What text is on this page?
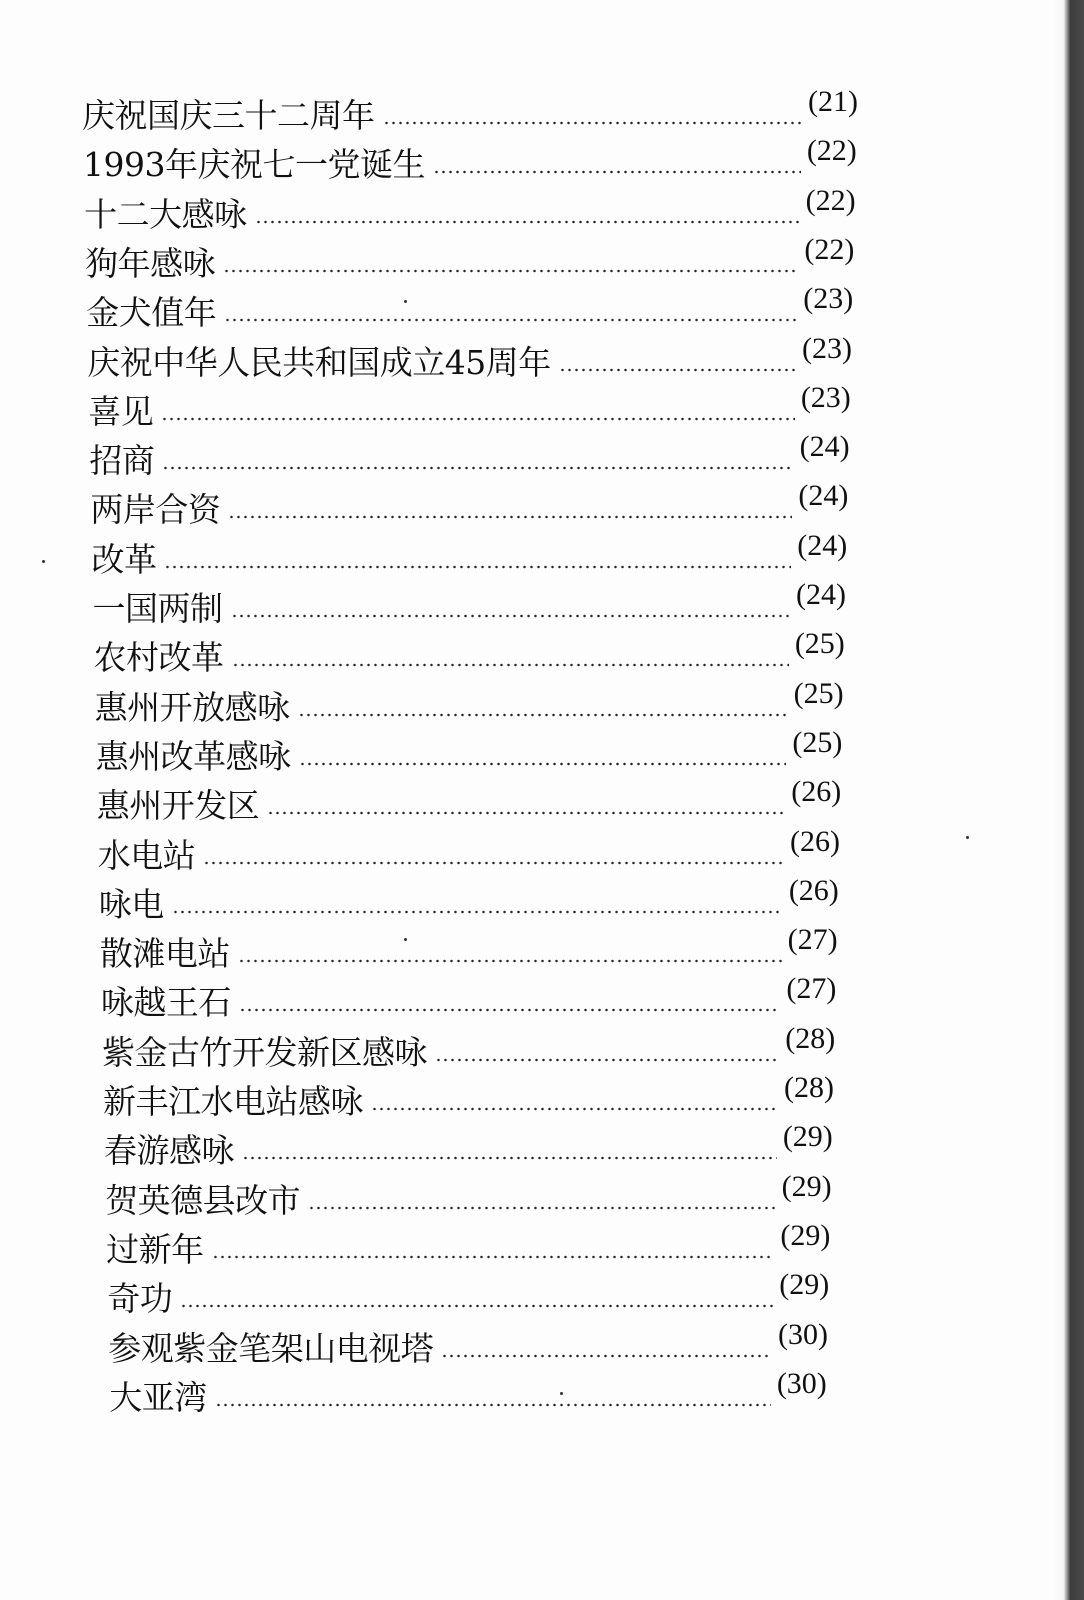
庆祝国庆三十二周年	(21)
1993年庆祝七一党诞生	(22)
十二大感咏	(22)
狗年感咏	(22)
金犬值年	(23)
庆祝中华人民共和国成立45周年	(23)
喜见	(23)
招商	(24)
两岸合资	(24)
改革	(24)
一国两制	(24)
农村改革	(25)
惠州开放感咏	(25)
惠州改革感咏	(25)
惠州开发区	(26)
水电站	(26)
咏电	(26)
散滩电站	(27)
咏越王石	(27)
紫金古竹开发新区感咏	(28)
新丰江水电站感咏	(28)
春游感咏	(29)
贺英德县改市	(29)
过新年	(29)
奇功	(29)
参观紫金笔架山电视塔	(30)
大亚湾	(30)
